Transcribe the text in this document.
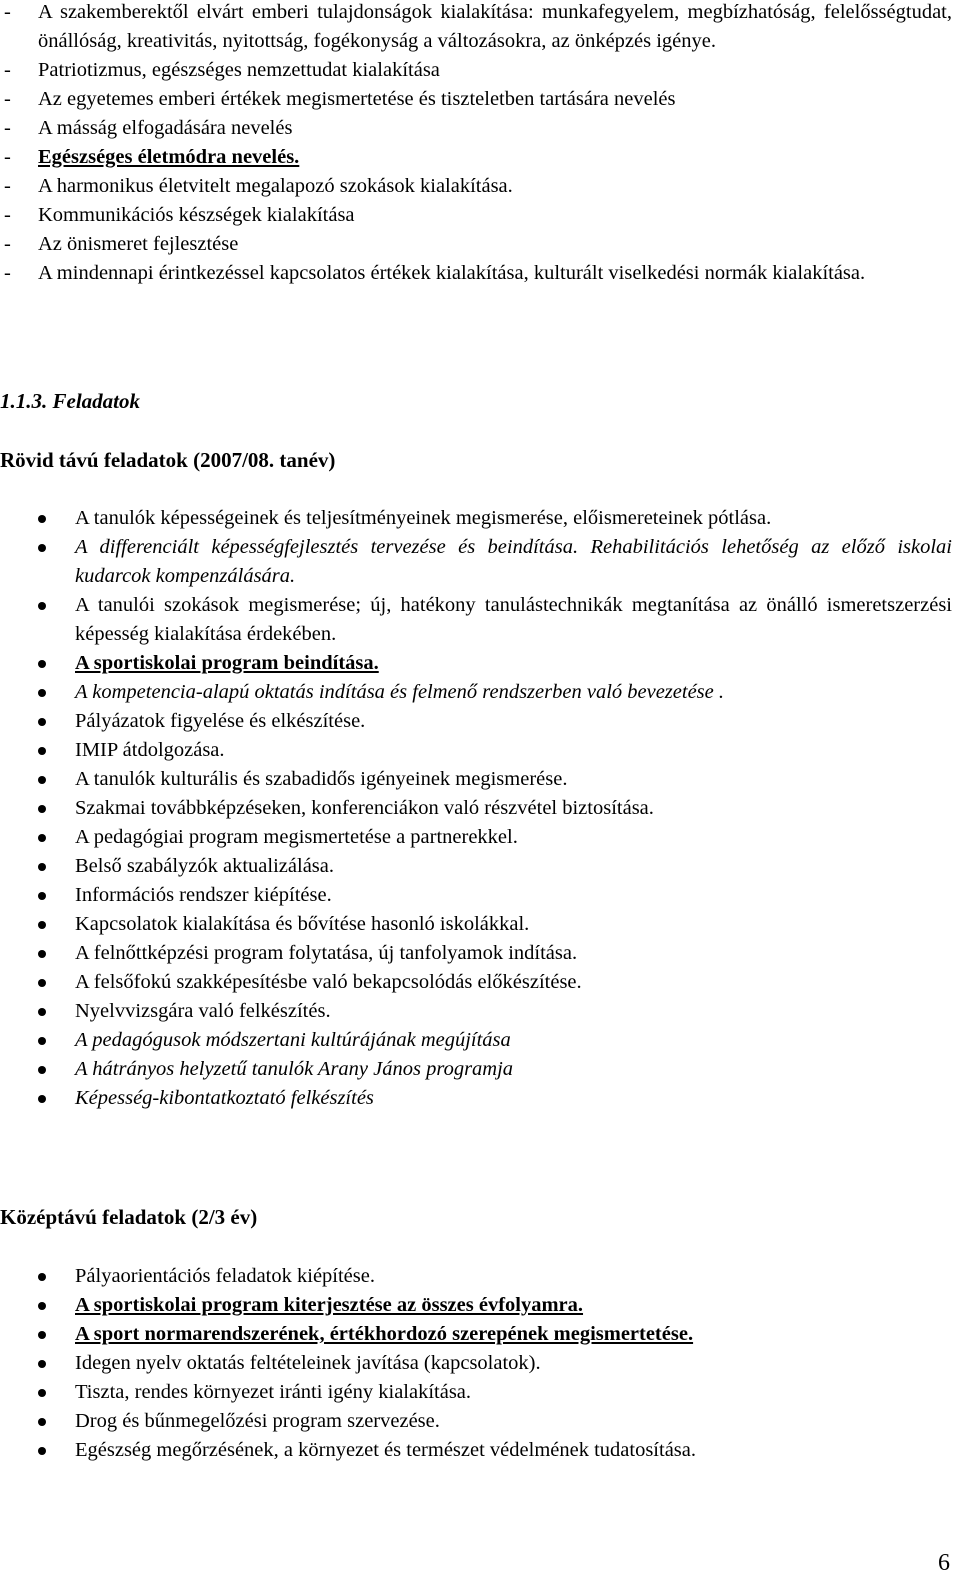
- A szakemberektől elvárt emberi tulajdonságok kialakítása: munkafegyelem, megbízhatóság, felelősségtudat, önállóság, kreativitás, nyitottság, fogékonyság a változásokra, az önképzés igénye.
- Patriotizmus, egészséges nemzettudat kialakítása
- Az egyetemes emberi értékek megismertetése és tiszteletben tartására nevelés
- A másság elfogadására nevelés
- Egészséges életmódra nevelés.
- A harmonikus életvitelt megalapozó szokások kialakítása.
- Kommunikációs készségek kialakítása
- Az önismeret fejlesztése
- A mindennapi érintkezéssel kapcsolatos értékek kialakítása, kulturált viselkedési normák kialakítása.
1.1.3. Feladatok
Rövid távú feladatok (2007/08. tanév)
A tanulók képességeinek és teljesítményeinek megismerése, előismereteinek pótlása.
A differenciált képességfejlesztés tervezése és beindítása. Rehabilitációs lehetőség az előző iskolai kudarcok kompenzálására.
A tanulói szokások megismerése; új, hatékony tanulástechnikák megtanítása az önálló ismeretszerzési képesség kialakítása érdekében.
A sportiskolai program beindítása.
A kompetencia-alapú oktatás indítása és felmenő rendszerben való bevezetése .
Pályázatok figyelése és elkészítése.
IMIP átdolgozása.
A tanulók kulturális és szabadidős igényeinek megismerése.
Szakmai továbbképzéseken, konferenciákon való részvétel biztosítása.
A pedagógiai program megismertetése a partnerekkel.
Belső szabályzók aktualizálása.
Információs rendszer kiépítése.
Kapcsolatok kialakítása és bővítése hasonló iskolákkal.
A felnőttképzési program folytatása, új tanfolyamok indítása.
A felsőfokú szakképesítésbe való bekapcsolódás előkészítése.
Nyelvvizsgára való felkészítés.
A pedagógusok módszertani kultúrájának megújítása
A hátrányos helyzetű tanulók Arany János programja
Képesség-kibontatkoztató felkészítés
Középtávú feladatok (2/3 év)
Pályaorientációs feladatok kiépítése.
A sportiskolai program kiterjesztése az összes évfolyamra.
A sport normarendszerének, értékhordozó szerepének megismertetése.
Idegen nyelv oktatás feltételeinek javítása (kapcsolatok).
Tiszta, rendes környezet iránti igény kialakítása.
Drog és bűnmegelőzési program szervezése.
Egészség megőrzésének, a környezet és természet védelmének tudatosítása.
6
